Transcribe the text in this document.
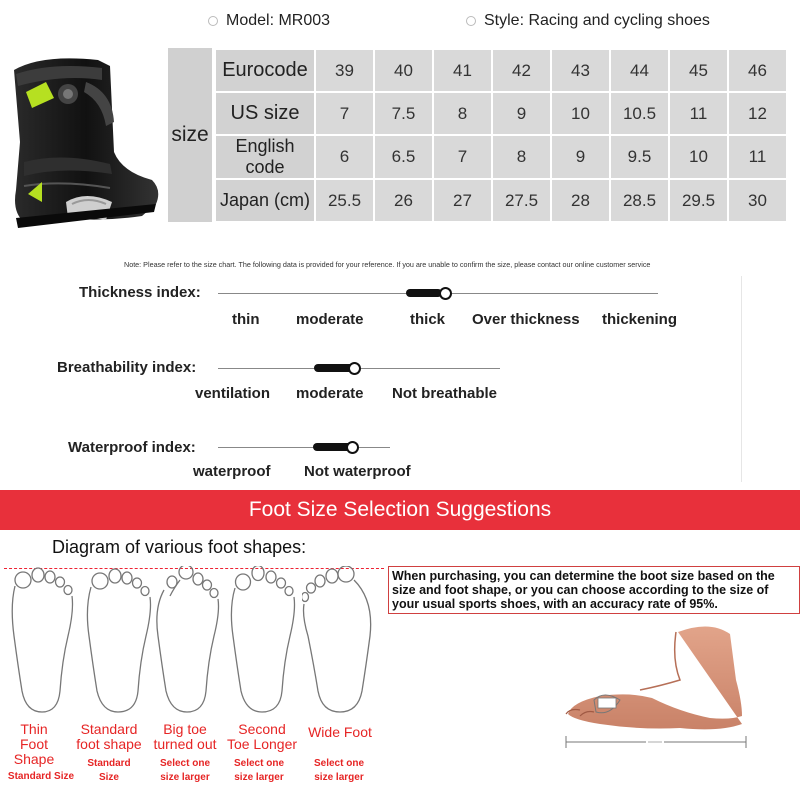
Model: MR003	Style: Racing and cycling shoes
size
Eurocode	39	40	41	42	43	44	45	46
US size	7	7.5	8	9	10	10.5	11	12
English code	6	6.5	7	8	9	9.5	10	11
Japan (cm)	25.5	26	27	27.5	28	28.5	29.5	30
Note: Please refer to the size chart. The following data is provided for your reference. If you are unable to confirm the size, please contact our online customer service
Thickness index:
thin moderate	thick Over thickness thickening
Breathability index:
ventilation moderate Not breathable
Waterproof index:
waterproof Not waterproof
Foot Size Selection Suggestions
Diagram of various foot shapes:
Thin
Foot
Shape
Standard Size
Standard
foot shape
Standard
Size
Big toe
turned out
Select one
size larger
Second
Toe Longer
Select one
size larger
Wide Foot
Select one
size larger
When purchasing, you can determine the boot size based on the size and foot shape, or you can choose according to the size of your usual sports shoes, with an accuracy rate of 95%.
